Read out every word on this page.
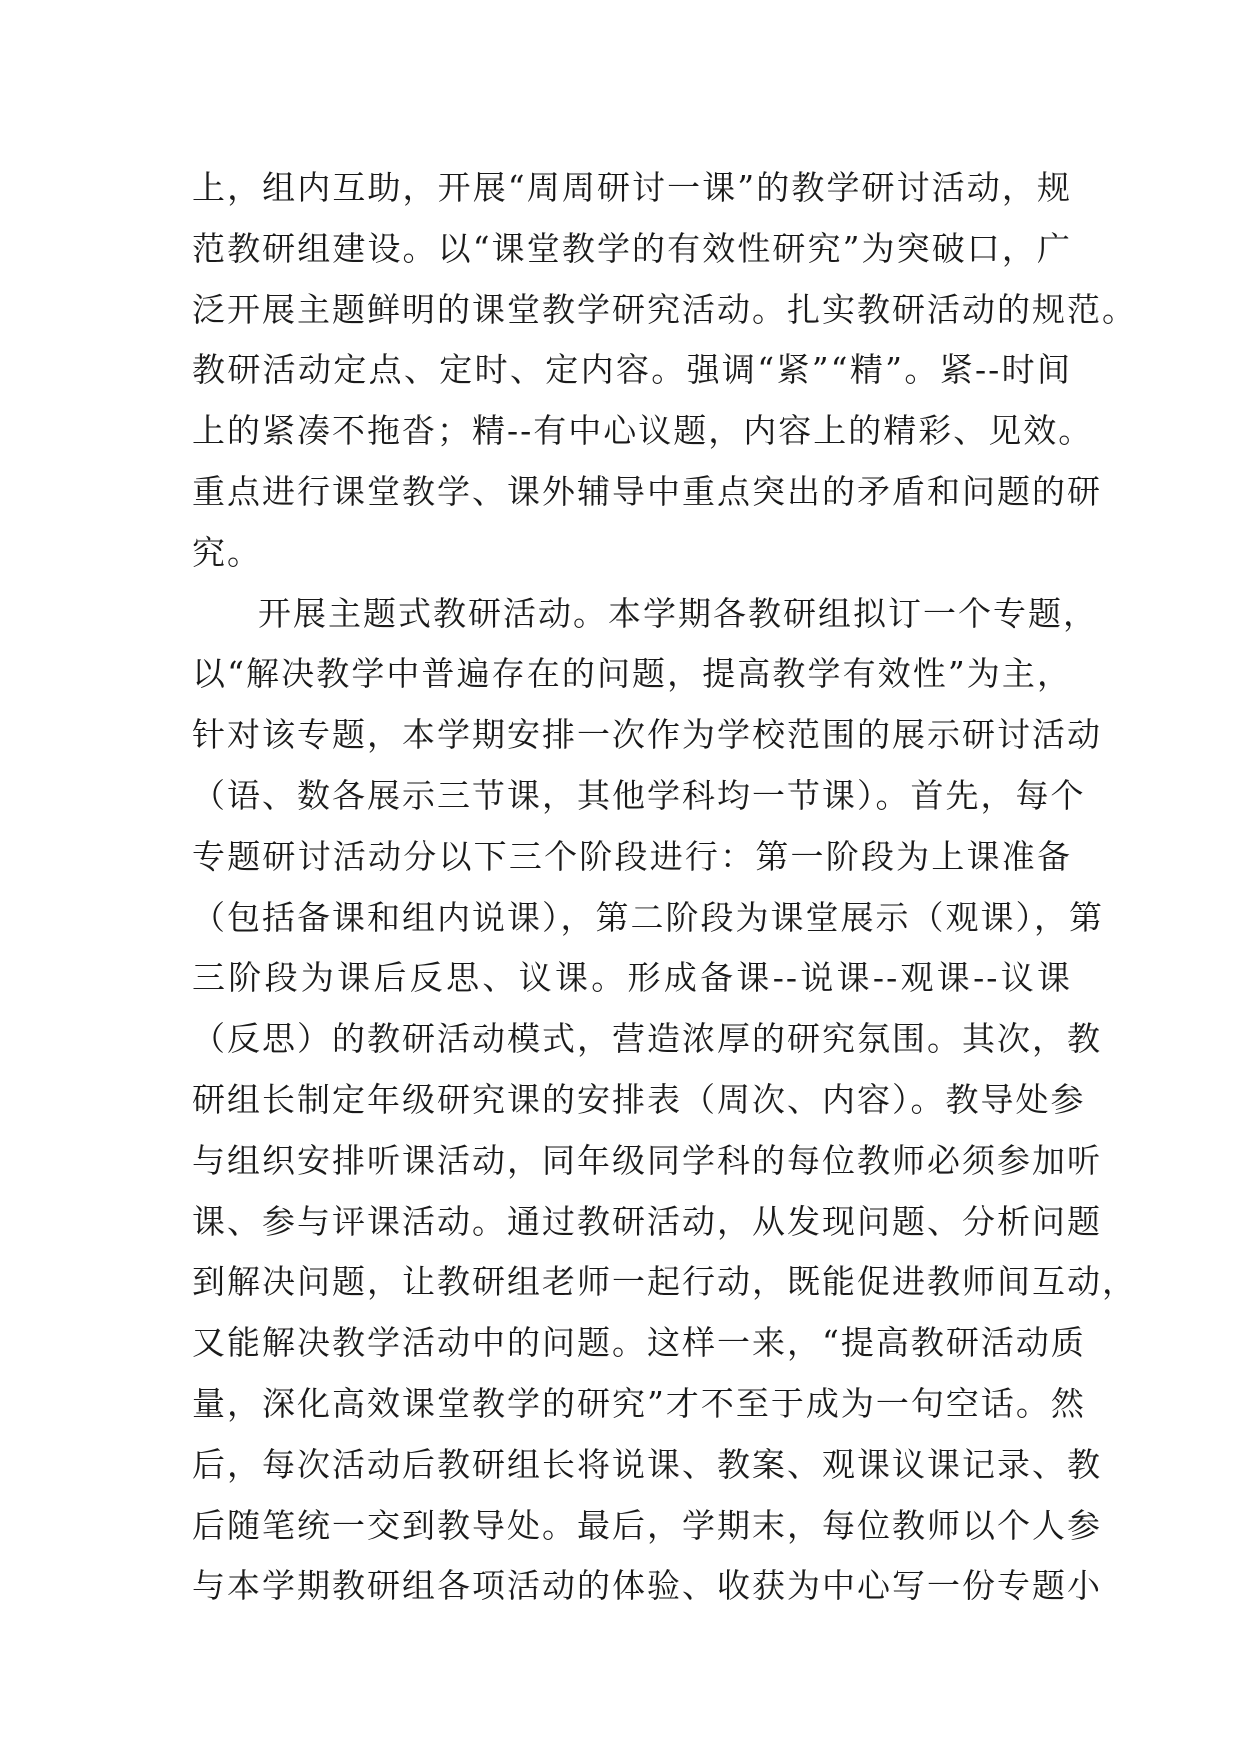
上，组内互助，开展“周周研讨一课”的教学研讨活动，规
范教研组建设。以“课堂教学的有效性研究”为突破口，广
泛开展主题鲜明的课堂教学研究活动。扎实教研活动的规范。
教研活动定点、定时、定内容。强调“紧”“精”。紧--时间
上的紧凑不拖沓；精--有中心议题，内容上的精彩、见效。
重点进行课堂教学、课外辅导中重点突出的矛盾和问题的研
究。
开展主题式教研活动。本学期各教研组拟订一个专题，
以“解决教学中普遍存在的问题，提高教学有效性”为主，
针对该专题，本学期安排一次作为学校范围的展示研讨活动
（语、数各展示三节课，其他学科均一节课）。首先，每个
专题研讨活动分以下三个阶段进行：第一阶段为上课准备
（包括备课和组内说课），第二阶段为课堂展示（观课），第
三阶段为课后反思、议课。形成备课--说课--观课--议课
（反思）的教研活动模式，营造浓厚的研究氛围。其次，教
研组长制定年级研究课的安排表（周次、内容）。教导处参
与组织安排听课活动，同年级同学科的每位教师必须参加听
课、参与评课活动。通过教研活动，从发现问题、分析问题
到解决问题，让教研组老师一起行动，既能促进教师间互动，
又能解决教学活动中的问题。这样一来，“提高教研活动质
量，深化高效课堂教学的研究”才不至于成为一句空话。然
后，每次活动后教研组长将说课、教案、观课议课记录、教
后随笔统一交到教导处。最后，学期末，每位教师以个人参
与本学期教研组各项活动的体验、收获为中心写一份专题小
